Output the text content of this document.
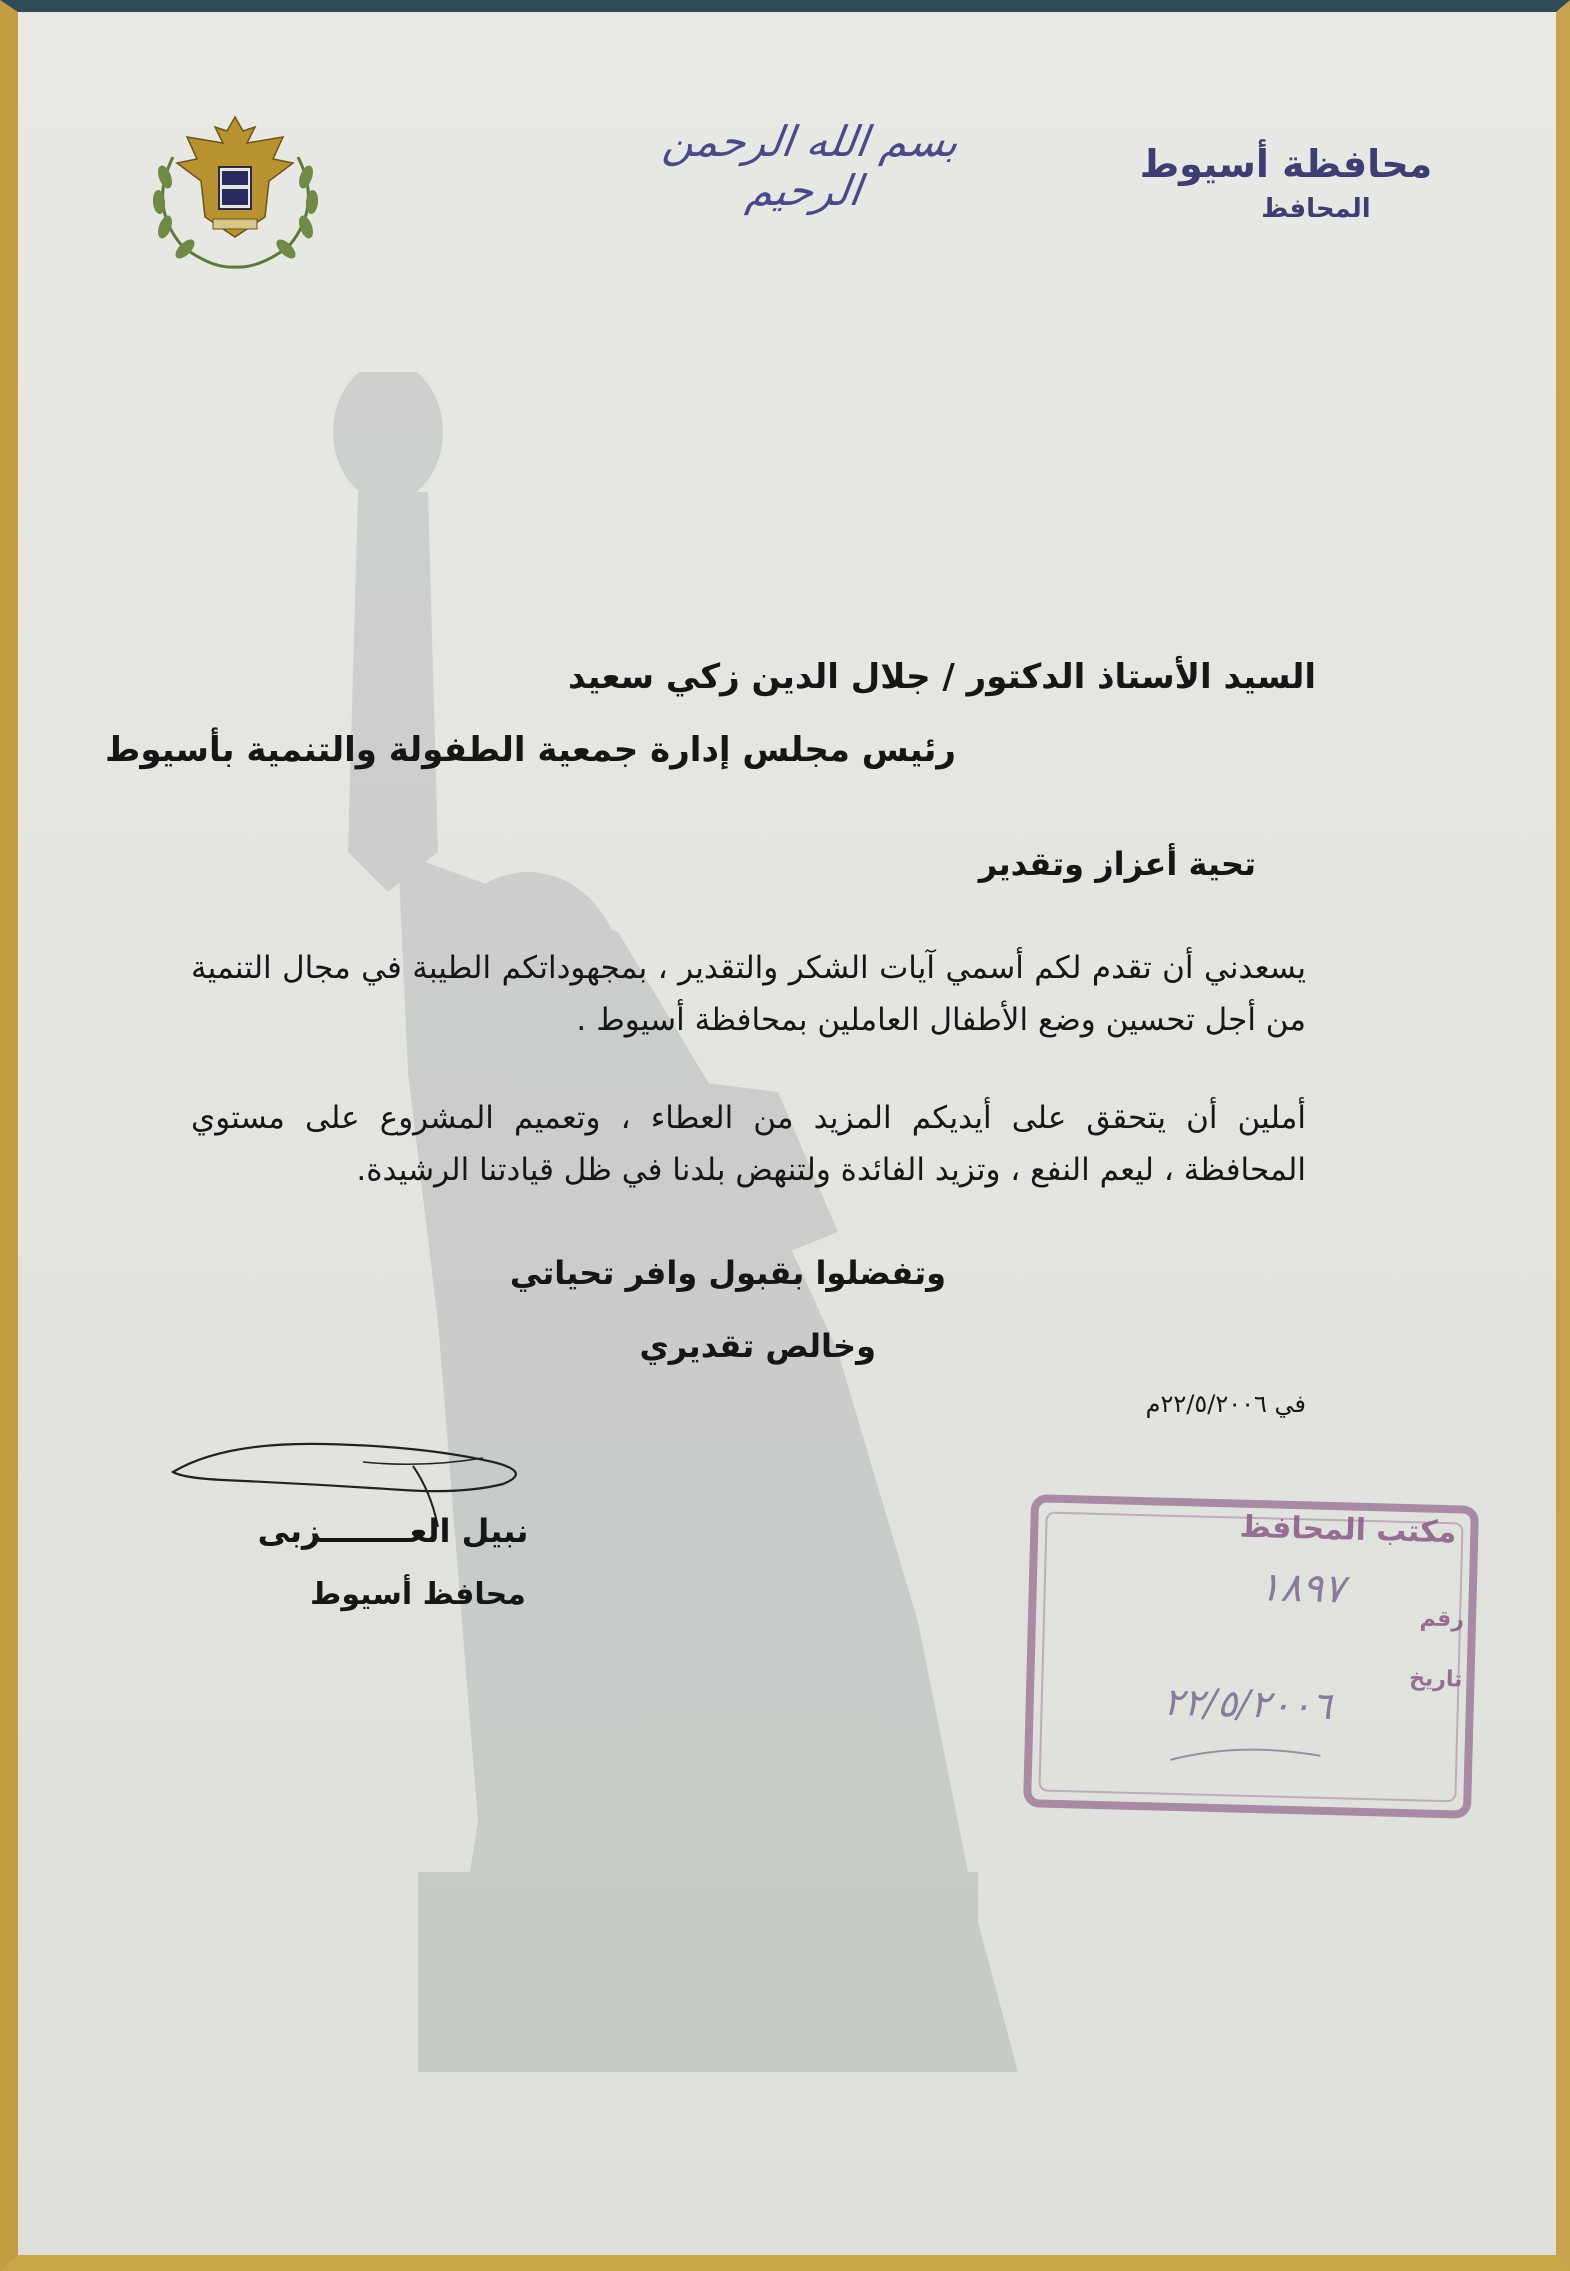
بسم الله الرحمن الرحيم
محافظة أسيوط
المحافظ
السيد الأستاذ الدكتور / جلال الدين زكي سعيد
رئيس مجلس إدارة جمعية الطفولة والتنمية بأسيوط
تحية أعزاز وتقدير
يسعدني أن تقدم لكم أسمي آيات الشكر والتقدير ، بمجهوداتكم الطيبة في مجال التنمية من أجل تحسين وضع الأطفال العاملين بمحافظة أسيوط .
أملين أن يتحقق على أيديكم المزيد من العطاء ، وتعميم المشروع على مستوي المحافظة ، ليعم النفع ، وتزيد الفائدة ولتنهض بلدنا في ظل قيادتنا الرشيدة.
وتفضلوا بقبول وافر تحياتي
وخالص تقديري
في ٢٢/٥/٢٠٠٦م
نبيل العــــــــزبى
محافظ أسيوط
مكتب المحافظ
رقم
١٨٩٧
تاريخ
٢٢/٥/٢٠٠٦
